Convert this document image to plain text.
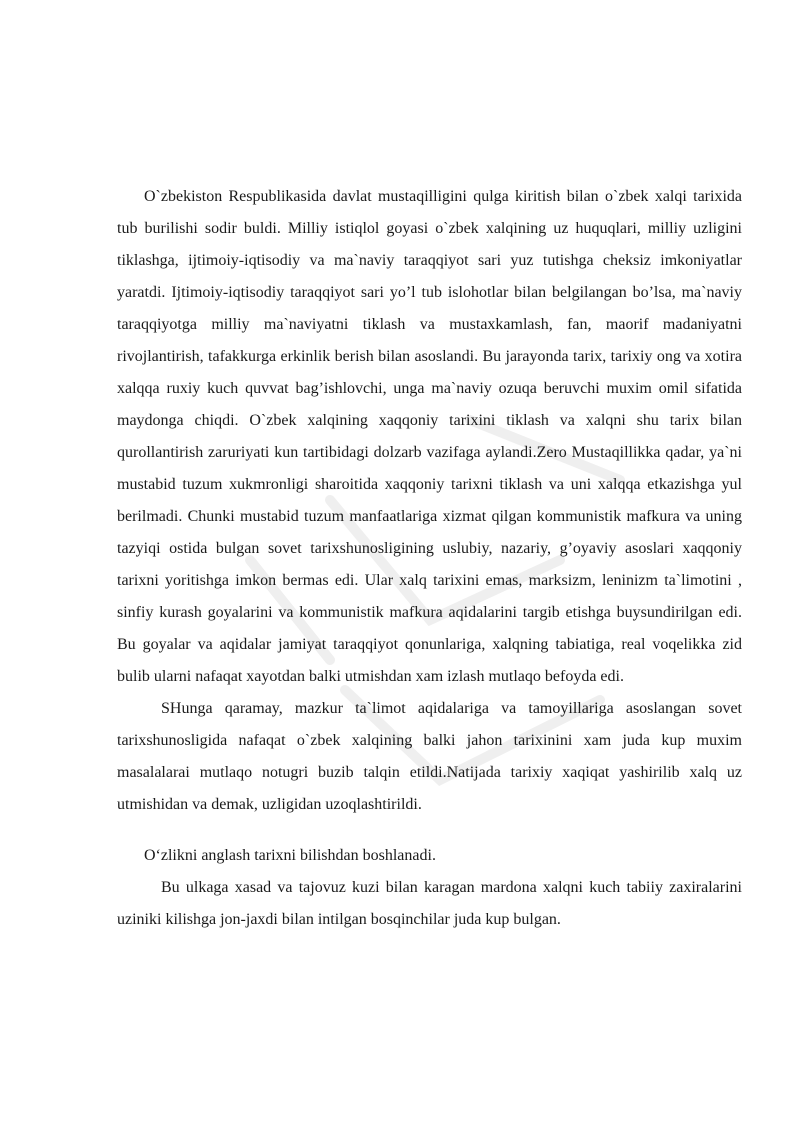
O`zbekiston Respublikasida davlat mustaqilligini qulga kiritish bilan o`zbek xalqi tarixida tub burilishi sodir buldi. Milliy istiqlol goyasi o`zbek xalqining uz huquqlari, milliy uzligini tiklashga, ijtimoiy-iqtisodiy va ma`naviy taraqqiyot sari yuz tutishga cheksiz imkoniyatlar yaratdi. Ijtimoiy-iqtisodiy taraqqiyot sari yo’l tub islohotlar bilan belgilangan bo’lsa, ma`naviy taraqqiyotga milliy ma`naviyatni tiklash va mustaxkamlash, fan, maorif madaniyatni rivojlantirish, tafakkurga erkinlik berish bilan asoslandi. Bu jarayonda tarix, tarixiy ong va xotira xalqqa ruxiy kuch quvvat bag’ishlovchi, unga ma`naviy ozuqa beruvchi muxim omil sifatida maydonga chiqdi. O`zbek xalqining xaqqoniy tarixini tiklash va xalqni shu tarix bilan qurollantirish zaruriyati kun tartibidagi dolzarb vazifaga aylandi.Zero Mustaqillikka qadar, ya`ni mustabid tuzum xukmronligi sharoitida xaqqoniy tarixni tiklash va uni xalqqa etkazishga yul berilmadi. Chunki mustabid tuzum manfaatlariga xizmat qilgan kommunistik mafkura va uning tazyiqi ostida bulgan sovet tarixshunosligining uslubiy, nazariy, g’oyaviy asoslari xaqqoniy tarixni yoritishga imkon bermas edi. Ular xalq tarixini emas, marksizm, leninizm ta`limotini , sinfiy kurash goyalarini va kommunistik mafkura aqidalarini targib etishga buysundirilgan edi. Bu goyalar va aqidalar jamiyat taraqqiyot qonunlariga, xalqning tabiatiga, real voqelikka zid bulib ularni nafaqat xayotdan balki utmishdan xam izlash mutlaqo befoyda edi.

SHunga qaramay, mazkur ta`limot aqidalariga va tamoyillariga asoslangan sovet tarixshunosligida nafaqat o`zbek xalqining balki jahon tarixinini xam juda kup muxim masalalarai mutlaqo notugri buzib talqin etildi.Natijada tarixiy xaqiqat yashirilib xalq uz utmishidan va demak, uzligidan uzoqlashtirildi.

O‘zlikni anglash tarixni bilishdan boshlanadi.

Bu ulkaga xasad va tajovuz kuzi bilan karagan mardona xalqni kuch tabiiy zaxiralarini uziniki kilishga jon-jaxdi bilan intilgan bosqinchilar juda kup bulgan.
